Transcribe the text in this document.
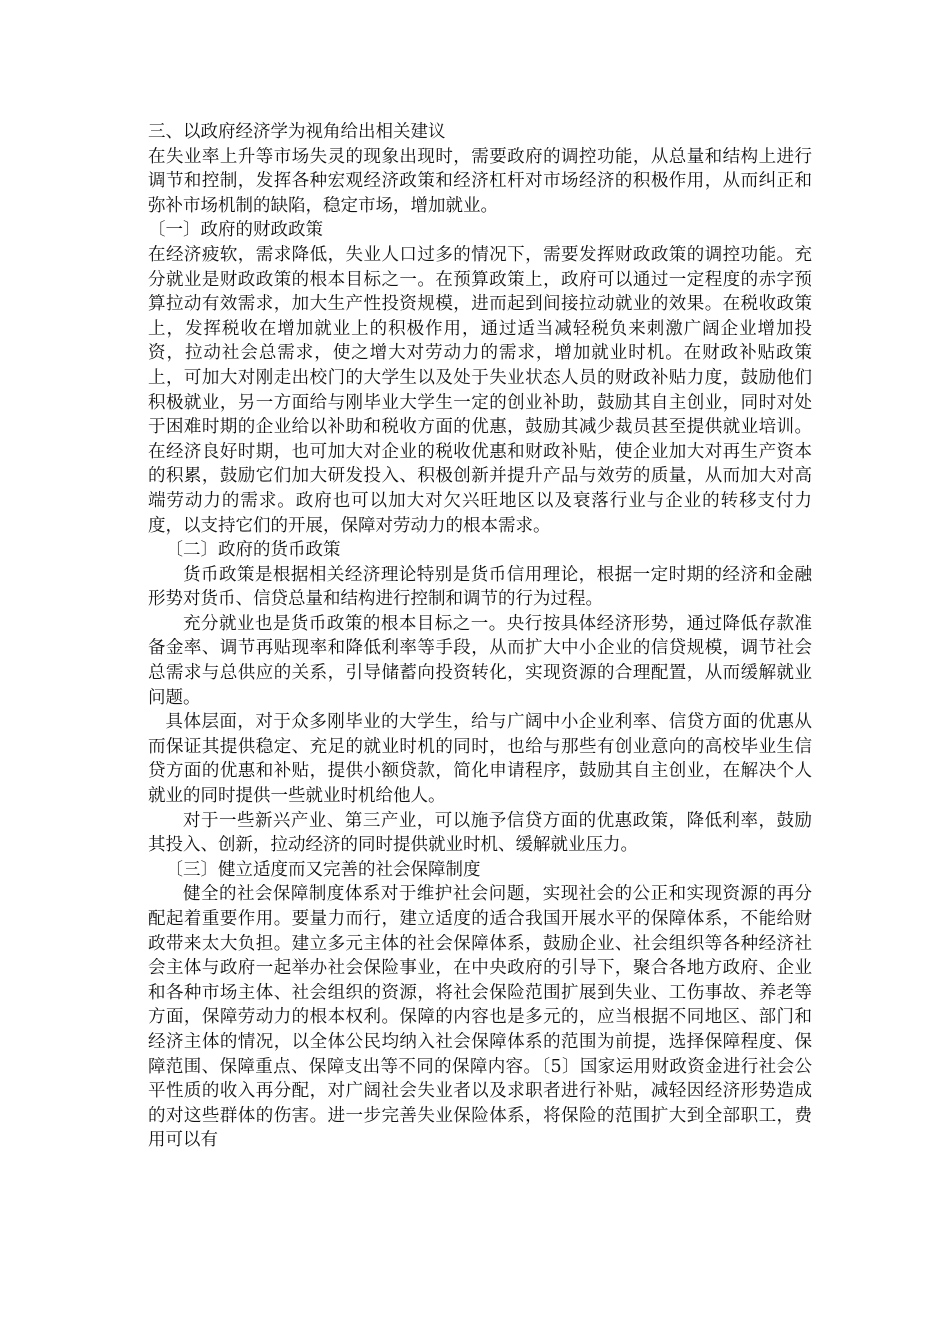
三、以政府经济学为视角给出相关建议

在失业率上升等市场失灵的现象出现时，需要政府的调控功能，从总量和结构上进行调节和控制，发挥各种宏观经济政策和经济杠杆对市场经济的积极作用，从而纠正和弥补市场机制的缺陷，稳定市场，增加就业。

〔一〕政府的财政政策

在经济疲软，需求降低，失业人口过多的情况下，需要发挥财政政策的调控功能。充分就业是财政政策的根本目标之一。在预算政策上，政府可以通过一定程度的赤字预算拉动有效需求，加大生产性投资规模，进而起到间接拉动就业的效果。在税收政策上，发挥税收在增加就业上的积极作用，通过适当减轻税负来刺激广阔企业增加投资，拉动社会总需求，使之增大对劳动力的需求，增加就业时机。在财政补贴政策上，可加大对刚走出校门的大学生以及处于失业状态人员的财政补贴力度，鼓励他们积极就业，另一方面给与刚毕业大学生一定的创业补助，鼓励其自主创业，同时对处于困难时期的企业给以补助和税收方面的优惠，鼓励其减少裁员甚至提供就业培训。在经济良好时期，也可加大对企业的税收优惠和财政补贴，使企业加大对再生产资本的积累，鼓励它们加大研发投入、积极创新并提升产品与效劳的质量，从而加大对高端劳动力的需求。政府也可以加大对欠兴旺地区以及衰落行业与企业的转移支付力度，以支持它们的开展，保障对劳动力的根本需求。

〔二〕政府的货币政策

货币政策是根据相关经济理论特别是货币信用理论，根据一定时期的经济和金融形势对货币、信贷总量和结构进行控制和调节的行为过程。

充分就业也是货币政策的根本目标之一。央行按具体经济形势，通过降低存款准备金率、调节再贴现率和降低利率等手段，从而扩大中小企业的信贷规模，调节社会总需求与总供应的关系，引导储蓄向投资转化，实现资源的合理配置，从而缓解就业问题。

具体层面，对于众多刚毕业的大学生，给与广阔中小企业利率、信贷方面的优惠从而保证其提供稳定、充足的就业时机的同时，也给与那些有创业意向的高校毕业生信贷方面的优惠和补贴，提供小额贷款，简化申请程序，鼓励其自主创业，在解决个人就业的同时提供一些就业时机给他人。

对于一些新兴产业、第三产业，可以施予信贷方面的优惠政策，降低利率，鼓励其投入、创新，拉动经济的同时提供就业时机、缓解就业压力。

〔三〕健立适度而又完善的社会保障制度

健全的社会保障制度体系对于维护社会问题，实现社会的公正和实现资源的再分配起着重要作用。要量力而行，建立适度的适合我国开展水平的保障体系，不能给财政带来太大负担。建立多元主体的社会保障体系，鼓励企业、社会组织等各种经济社会主体与政府一起举办社会保险事业，在中央政府的引导下，聚合各地方政府、企业和各种市场主体、社会组织的资源，将社会保险范围扩展到失业、工伤事故、养老等方面，保障劳动力的根本权利。保障的内容也是多元的，应当根据不同地区、部门和经济主体的情况，以全体公民均纳入社会保障体系的范围为前提，选择保障程度、保障范围、保障重点、保障支出等不同的保障内容。〔5〕国家运用财政资金进行社会公平性质的收入再分配，对广阔社会失业者以及求职者进行补贴，减轻因经济形势造成的对这些群体的伤害。进一步完善失业保险体系，将保险的范围扩大到全部职工，费用可以有
